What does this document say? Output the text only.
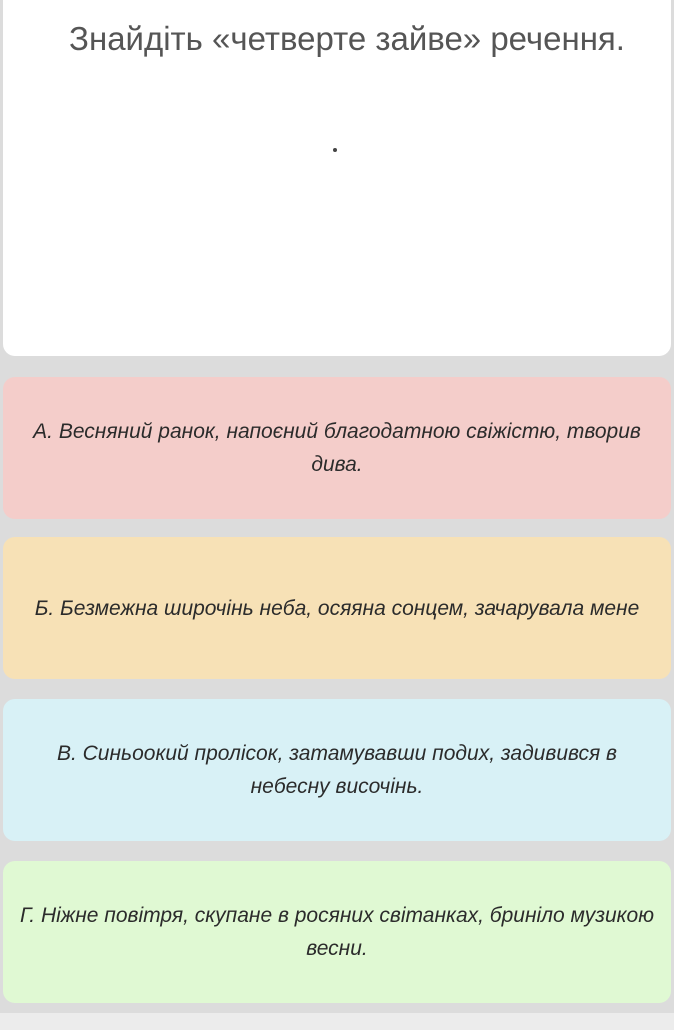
Знайдіть «четверте зайве» речення.
А. Весняний ранок, напоєний благодатною свіжістю, творив дива.
Б. Безмежна широчінь неба, осяяна сонцем, зачарувала мене
В. Синьоокий пролісок, затамувавши подих, задивився в небесну височінь.
Г. Ніжне повітря, скупане в росяних світанках, бриніло музикою весни.
